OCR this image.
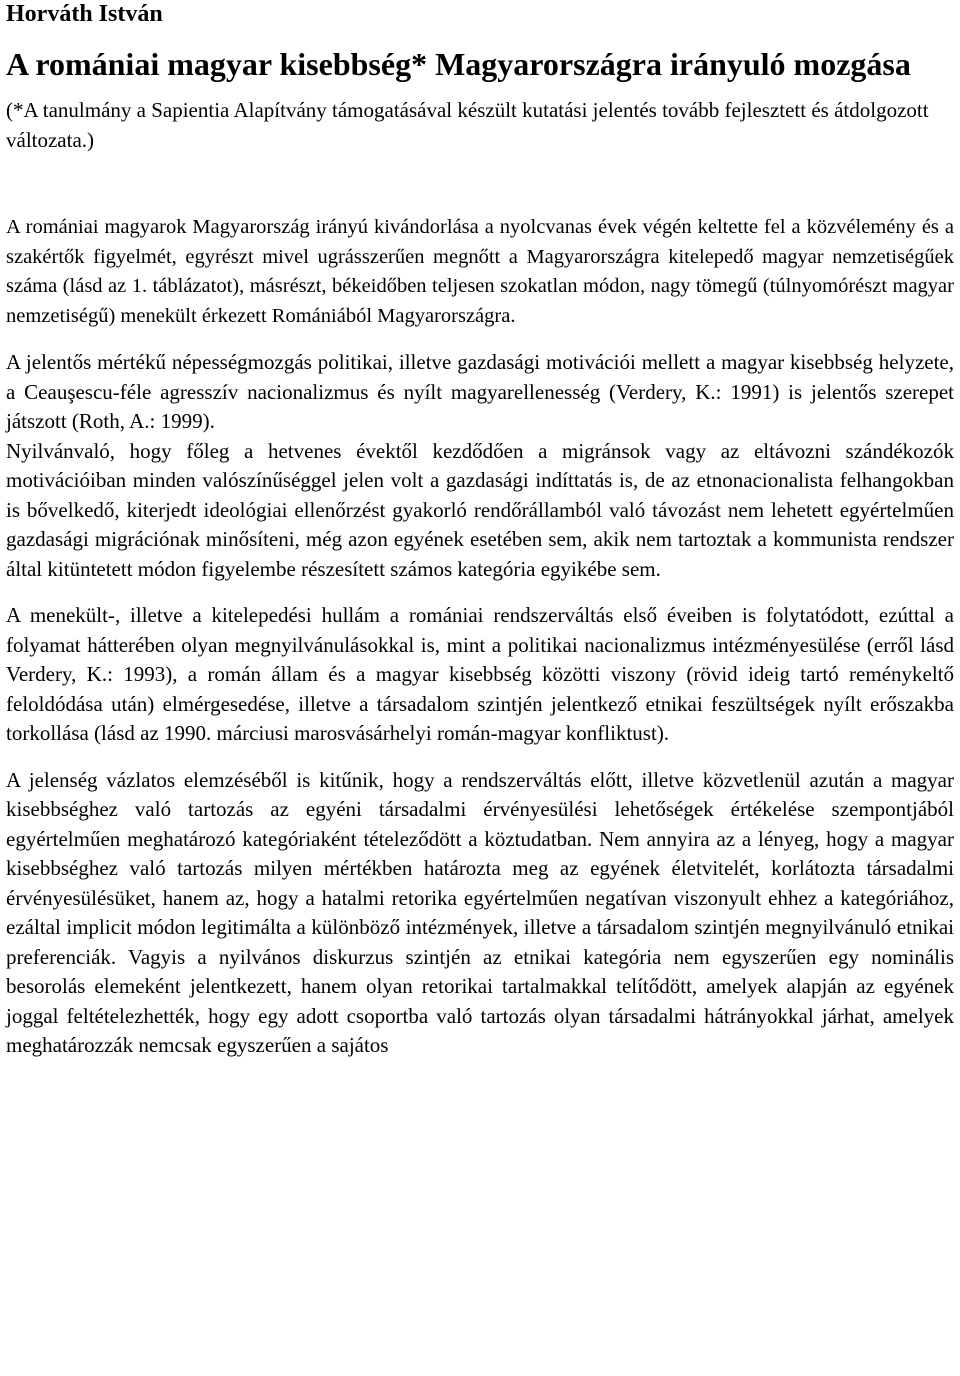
Horváth István
A romániai magyar kisebbség* Magyarországra irányuló mozgása

(*A tanulmány a Sapientia Alapítvány támogatásával készült kutatási jelentés tovább fejlesztett és átdolgozott változata.)

A romániai magyarok Magyarország irányú kivándorlása a nyolcvanas évek végén keltette fel a közvélemény és a szakértők figyelmét, egyrészt mivel ugrásszerűen megnőtt a Magyarországra kitelepedő magyar nemzetiségűek száma (lásd az 1. táblázatot), másrészt, békeidőben teljesen szokatlan módon, nagy tömegű (túlnyomórészt magyar nemzetiségű) menekült érkezett Romániából Magyarországra.

A jelentős mértékű népességmozgás politikai, illetve gazdasági motivációi mellett a magyar kisebbség helyzete, a Ceauşescu-féle agresszív nacionalizmus és nyílt magyarellenesség (Verdery, K.: 1991) is jelentős szerepet játszott (Roth, A.: 1999).

Nyilvánvaló, hogy főleg a hetvenes évektől kezdődően a migránsok vagy az eltávozni szándékozók motivációiban minden valószínűséggel jelen volt a gazdasági indíttatás is, de az etnonacionalista felhangokban is bővelkedő, kiterjedt ideológiai ellenőrzést gyakorló rendőrállamból való távozást nem lehetett egyértelműen gazdasági migrációnak minősíteni, még azon egyének esetében sem, akik nem tartoztak a kommunista rendszer által kitüntetett módon figyelembe részesített számos kategória egyikébe sem.

A menekült-, illetve a kitelepedési hullám a romániai rendszerváltás első éveiben is folytatódott, ezúttal a folyamat hátterében olyan megnyilvánulásokkal is, mint a politikai nacionalizmus intézményesülése (erről lásd Verdery, K.: 1993), a román állam és a magyar kisebbség közötti viszony (rövid ideig tartó reménykeltő feloldódása után) elmérgesedése, illetve a társadalom szintjén jelentkező etnikai feszültségek nyílt erőszakba torkollása (lásd az 1990. márciusi marosvásárhelyi román-magyar konfliktust).

A jelenség vázlatos elemzéséből is kitűnik, hogy a rendszerváltás előtt, illetve közvetlenül azután a magyar kisebbséghez való tartozás az egyéni társadalmi érvényesülési lehetőségek értékelése szempontjából egyértelműen meghatározó kategóriaként tételeződött a köztudatban. Nem annyira az a lényeg, hogy a magyar kisebbséghez való tartozás milyen mértékben határozta meg az egyének életvitelét, korlátozta társadalmi érvényesülésüket, hanem az, hogy a hatalmi retorika egyértelműen negatívan viszonyult ehhez a kategóriához, ezáltal implicit módon legitimálta a különböző intézmények, illetve a társadalom szintjén megnyilvánuló etnikai preferenciák. Vagyis a nyilvános diskurzus szintjén az etnikai kategória nem egyszerűen egy nominális besorolás elemeként jelentkezett, hanem olyan retorikai tartalmakkal telítődött, amelyek alapján az egyének joggal feltételezhették, hogy egy adott csoportba való tartozás olyan társadalmi hátrányokkal járhat, amelyek meghatározzák nemcsak egyszerűen a sajátos
